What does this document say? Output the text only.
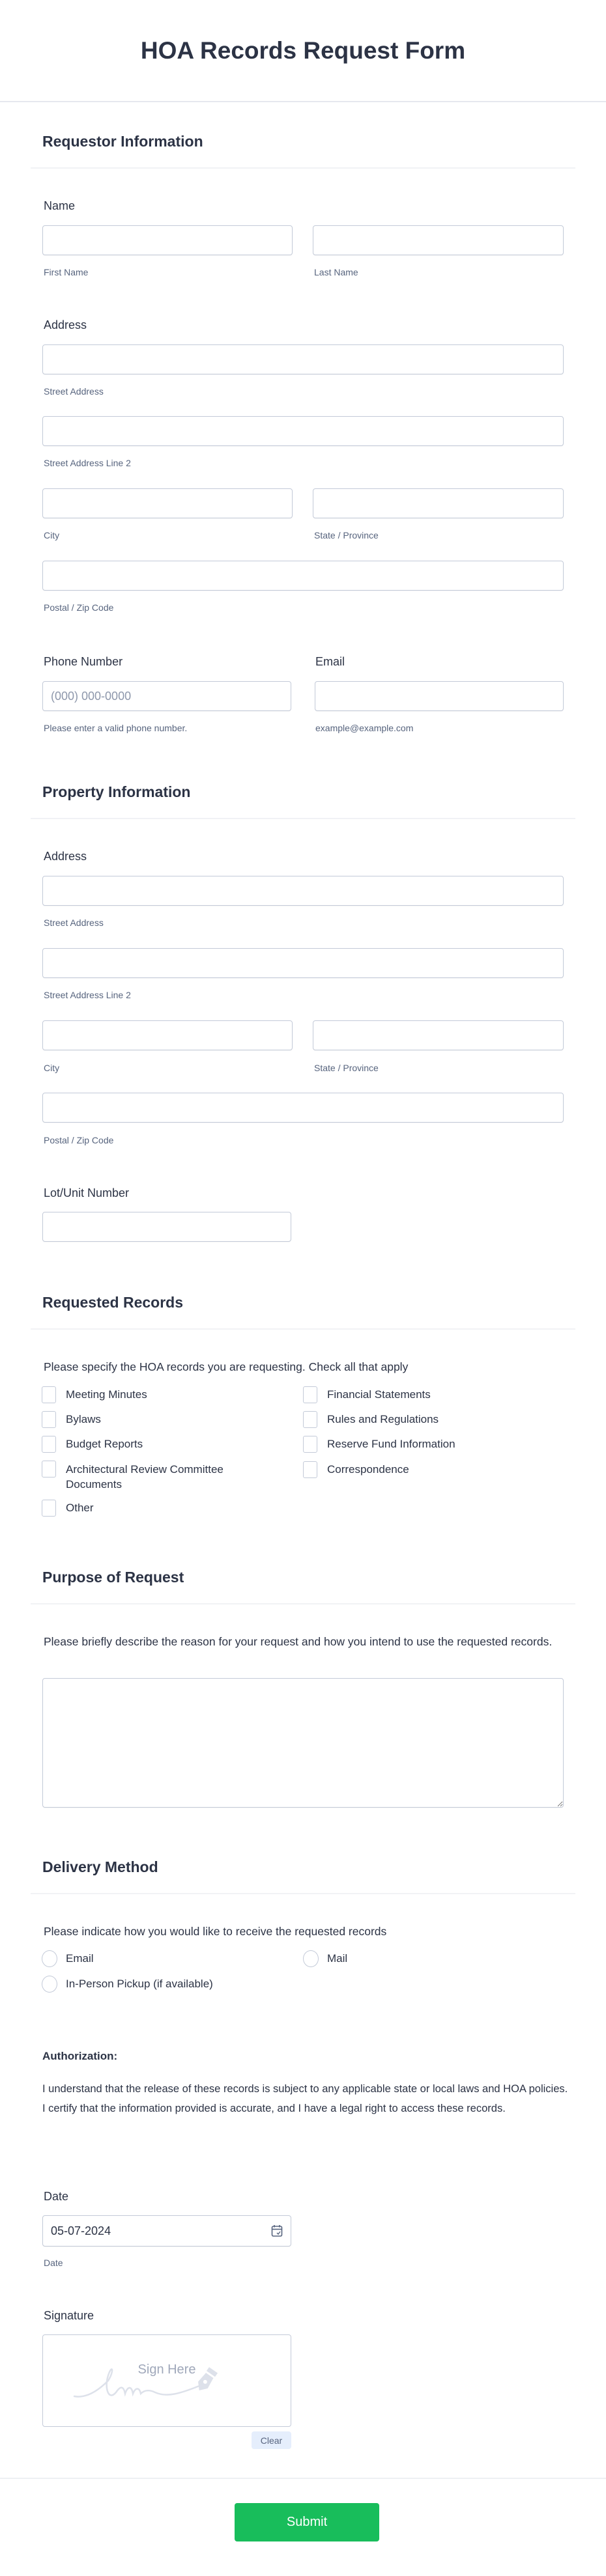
HOA Records Request Form
Requestor Information
Name
First Name	Last Name
Address
Street Address
Street Address Line 2
City	State / Province
Postal / Zip Code
Phone Number	Email
(000) 000-0000
Please enter a valid phone number.	example@example.com
Property Information
Address
Street Address
Street Address Line 2
City	State / Province
Postal / Zip Code
Lot/Unit Number
Requested Records
Please specify the HOA records you are requesting. Check all that apply
Meeting Minutes	Financial Statements
Bylaws	Rules and Regulations
Budget Reports	Reserve Fund Information
Architectural Review Committee Documents
Correspondence
Other
Purpose of Request
Please briefly describe the reason for your request and how you intend to use the requested records.
Delivery Method
Please indicate how you would like to receive the requested records
Email	Mail
In-Person Pickup (if available)
Authorization:
I understand that the release of these records is subject to any applicable state or local laws and HOA policies. I certify that the information provided is accurate, and I have a legal right to access these records.
Date
05-07-2024
Date
Signature
Sign Here
Clear
Submit
